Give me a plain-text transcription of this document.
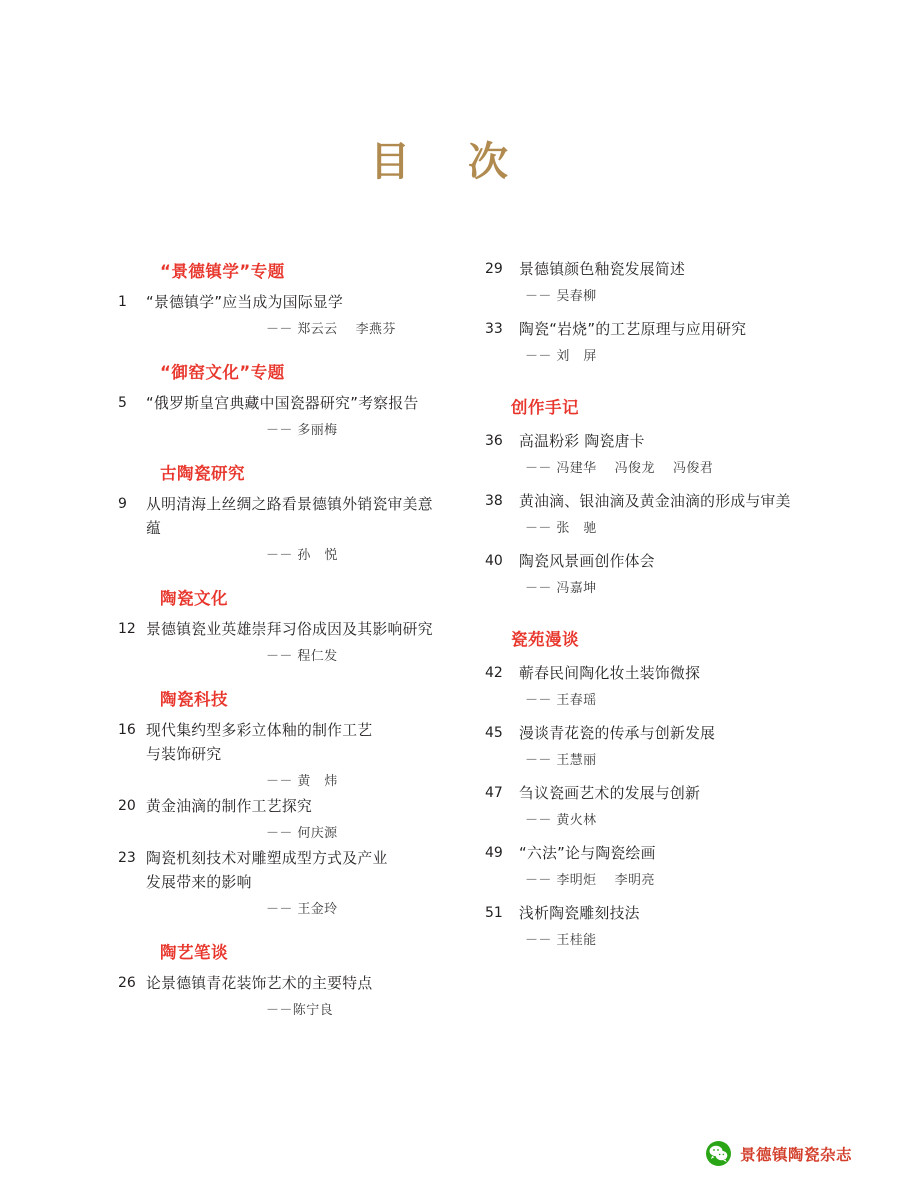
目 次
“景德镇学”专题
1	“景德镇学”应当成为国际显学
－－ 郑云云    李燕芬
“御窑文化”专题
5	“俄罗斯皇宫典藏中国瓷器研究”考察报告
－－ 多丽梅
古陶瓷研究
9	从明清海上丝绸之路看景德镇外销瓷审美意蕴
－－ 孙   悦
陶瓷文化
12 景德镇瓷业英雄崇拜习俗成因及其影响研究
－－ 程仁发
陶瓷科技
16 现代集约型多彩立体釉的制作工艺
与装饰研究
－－ 黄   炜
20 黄金油滴的制作工艺探究
－－ 何庆源
23 陶瓷机刻技术对雕塑成型方式及产业
发展带来的影响
－－ 王金玲
陶艺笔谈
26 论景德镇青花装饰艺术的主要特点
－－陈宁良
29	景德镇颜色釉瓷发展简述
－－ 吴春柳
33	陶瓷“岩烧”的工艺原理与应用研究
－－ 刘   屏
创作手记
36	高温粉彩 陶瓷唐卡
－－ 冯建华    冯俊龙    冯俊君
38	黄油滴、银油滴及黄金油滴的形成与审美
－－ 张   驰
40	陶瓷风景画创作体会
－－ 冯嘉坤
瓷苑漫谈
42	蕲春民间陶化妆土装饰微探
－－ 王春瑶
45	漫谈青花瓷的传承与创新发展
－－ 王慧丽
47	刍议瓷画艺术的发展与创新
－－ 黄火林
49	“六法”论与陶瓷绘画
－－ 李明炬    李明亮
51	浅析陶瓷雕刻技法
－－ 王桂能
景德镇陶瓷杂志
